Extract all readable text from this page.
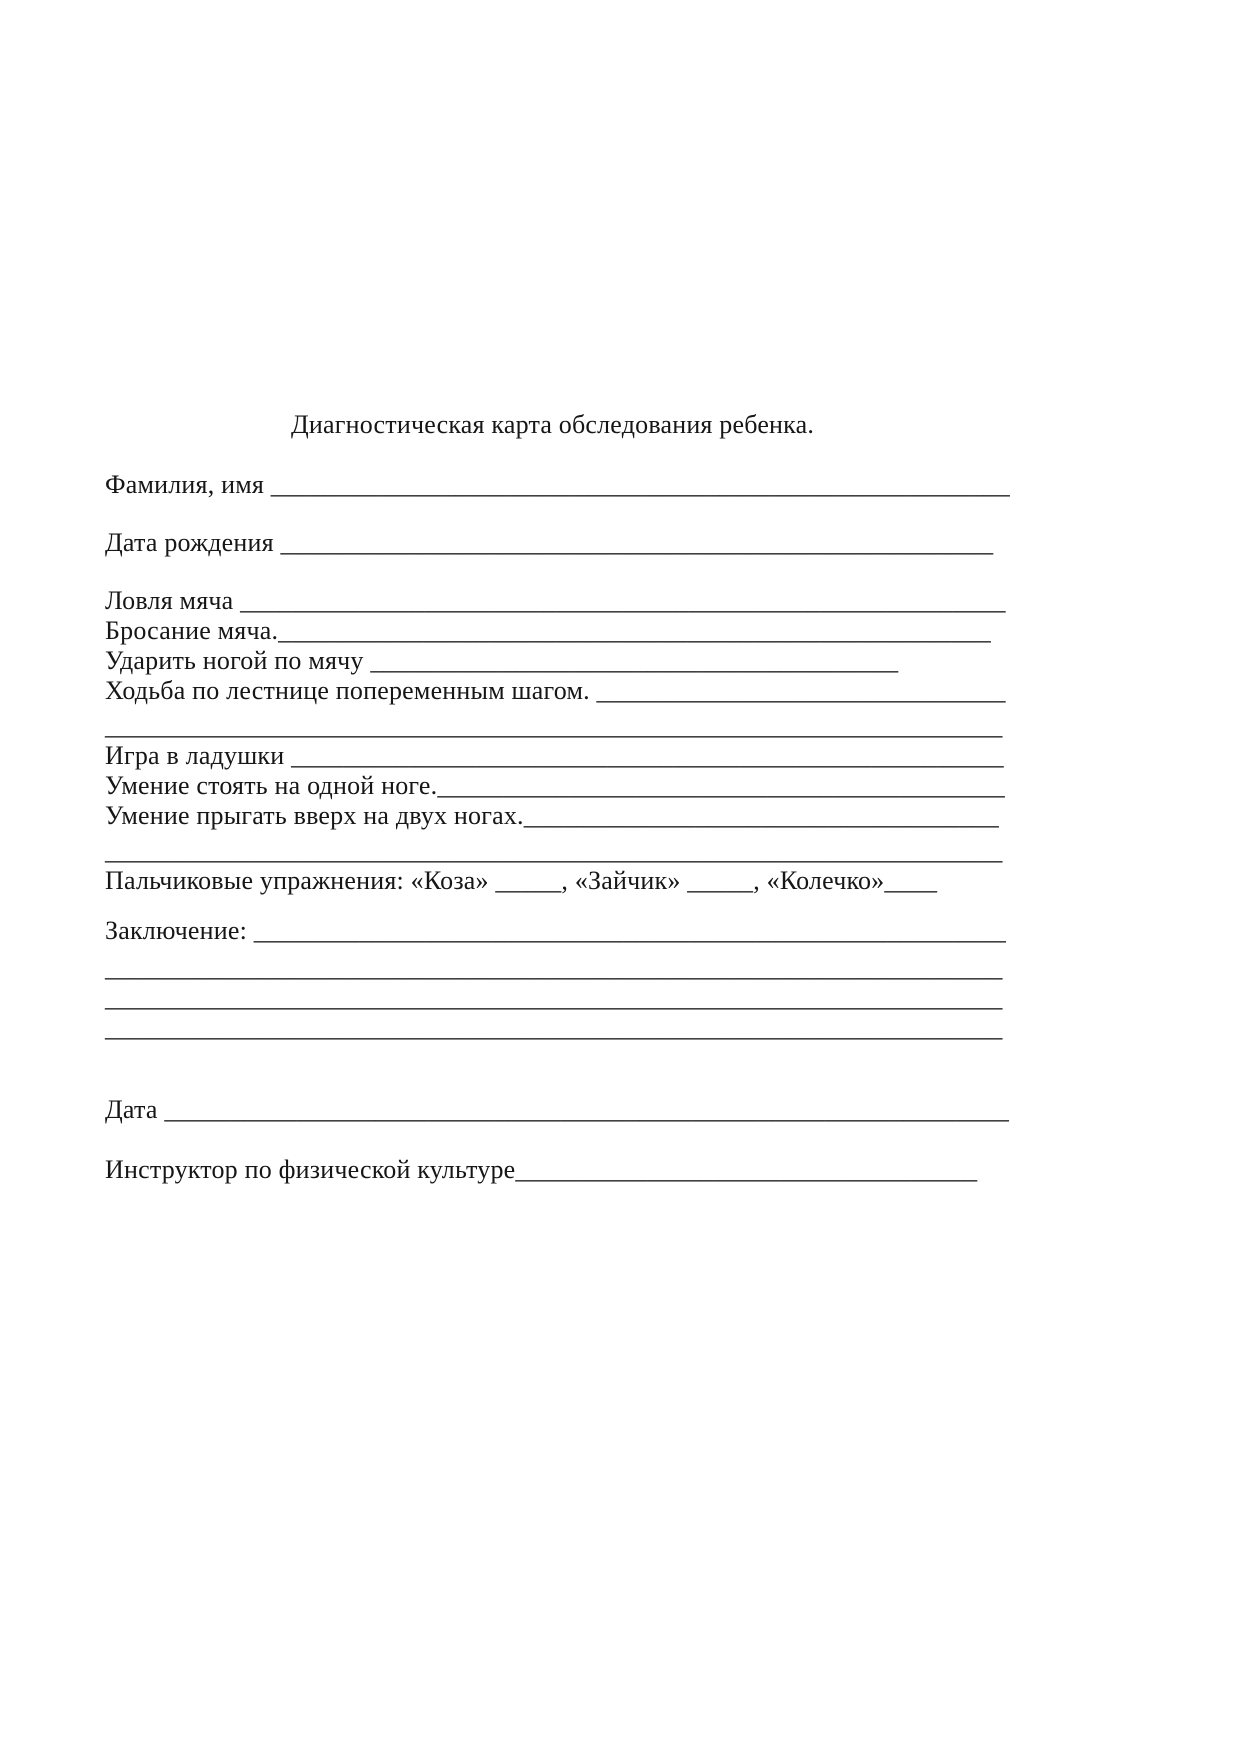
Диагностическая карта обследования ребенка.

Фамилия, имя ________________________________________________________

Дата рождения ______________________________________________________

Ловля мяча __________________________________________________________

Бросание мяча.______________________________________________________

Ударить ногой по мячу ________________________________________

Ходьба по лестнице попеременным шагом. _______________________________

____________________________________________________________________

Игра в ладушки ______________________________________________________

Умение стоять на одной ноге.___________________________________________

Умение прыгать вверх на двух ногах.____________________________________

____________________________________________________________________

Пальчиковые упражнения: «Коза» _____, «Зайчик» _____, «Колечко»____

Заключение: _________________________________________________________

____________________________________________________________________

____________________________________________________________________

____________________________________________________________________

Дата ________________________________________________________________

Инструктор по физической культуре___________________________________
